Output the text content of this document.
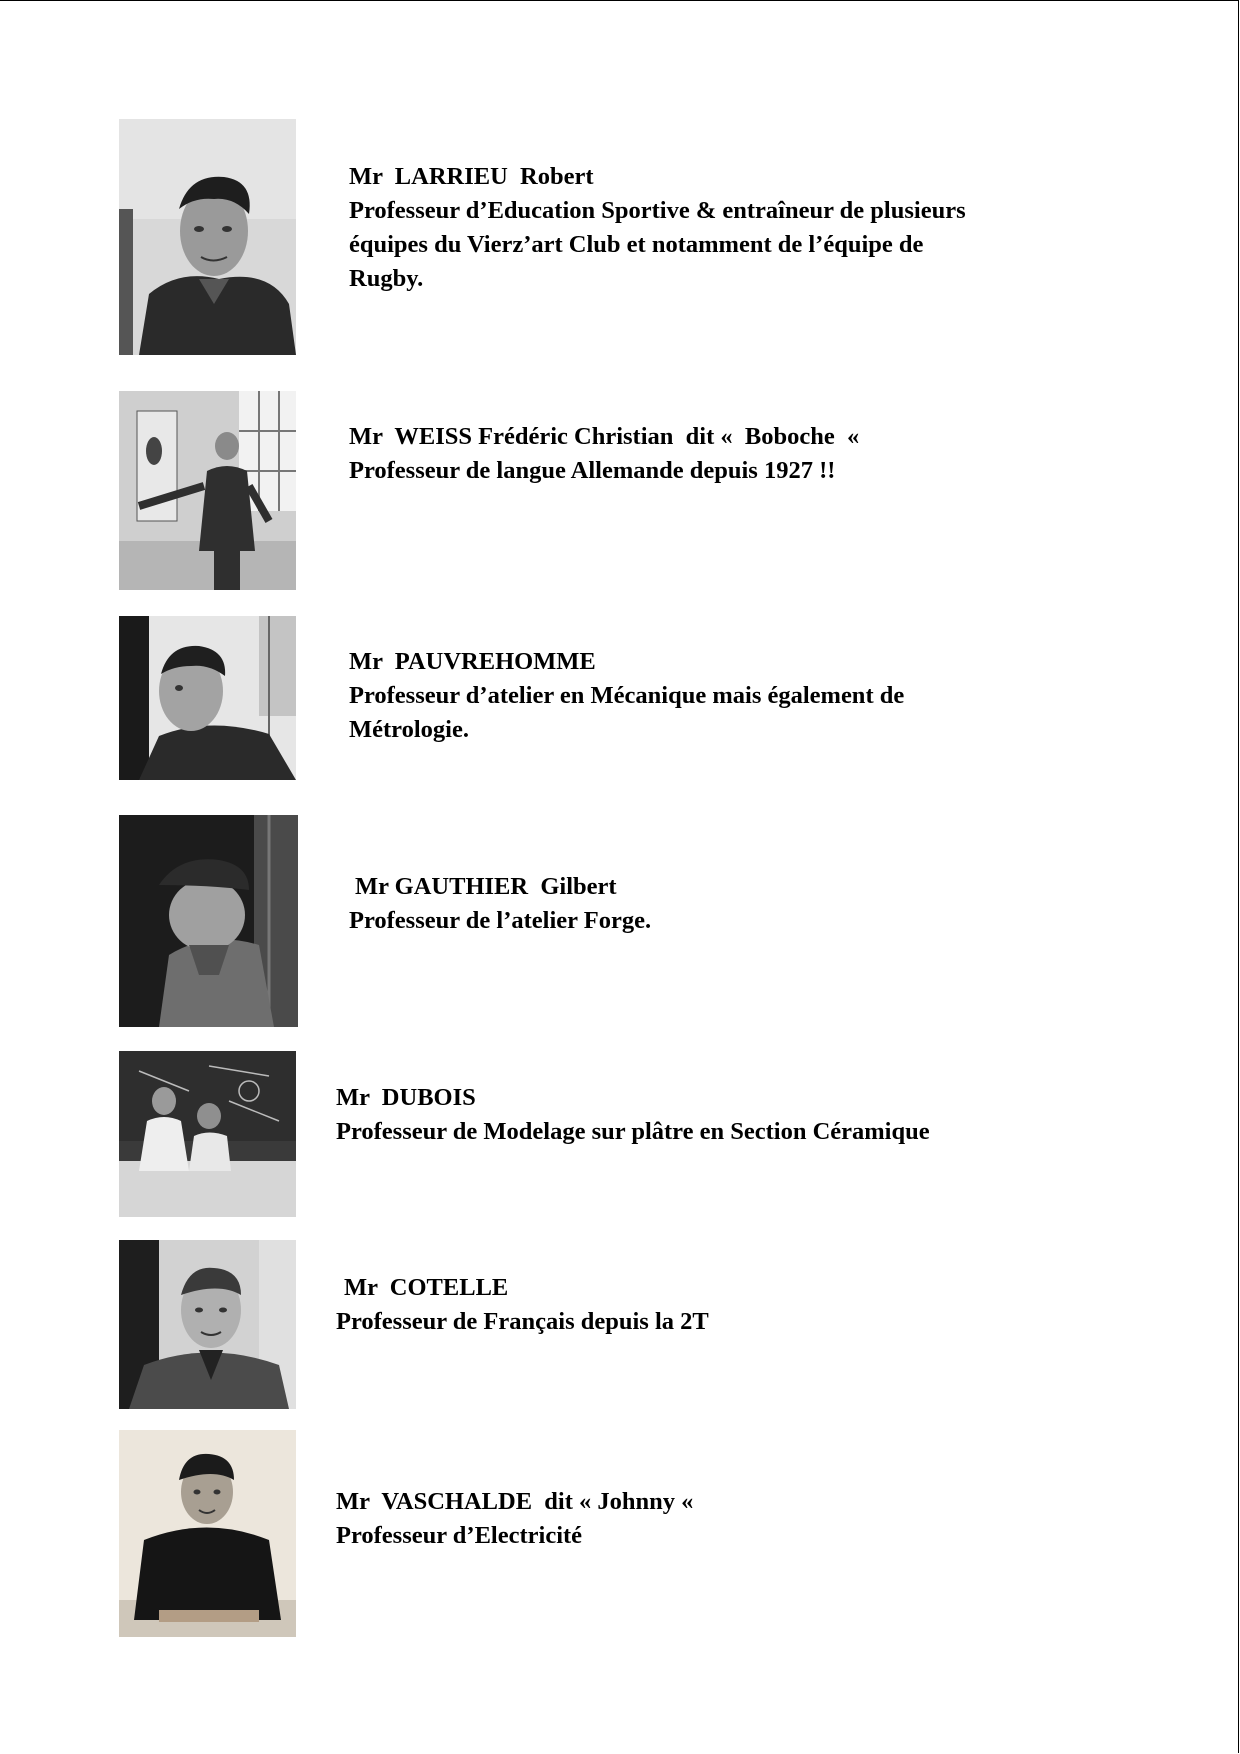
Mr  LARRIEU  Robert
Professeur d’Education Sportive & entraîneur de plusieurs
équipes du Vierz’art Club et notamment de l’équipe de
Rugby.
Mr  WEISS Frédéric Christian  dit «  Boboche  «
Professeur de langue Allemande depuis 1927 !!
Mr  PAUVREHOMME
Professeur d’atelier en Mécanique mais également de
Métrologie.
Mr GAUTHIER  Gilbert
Professeur de l’atelier Forge.
Mr  DUBOIS
Professeur de Modelage sur plâtre en Section Céramique
Mr  COTELLE
Professeur de Français depuis la 2T
Mr  VASCHALDE  dit « Johnny «
Professeur d’Electricité
